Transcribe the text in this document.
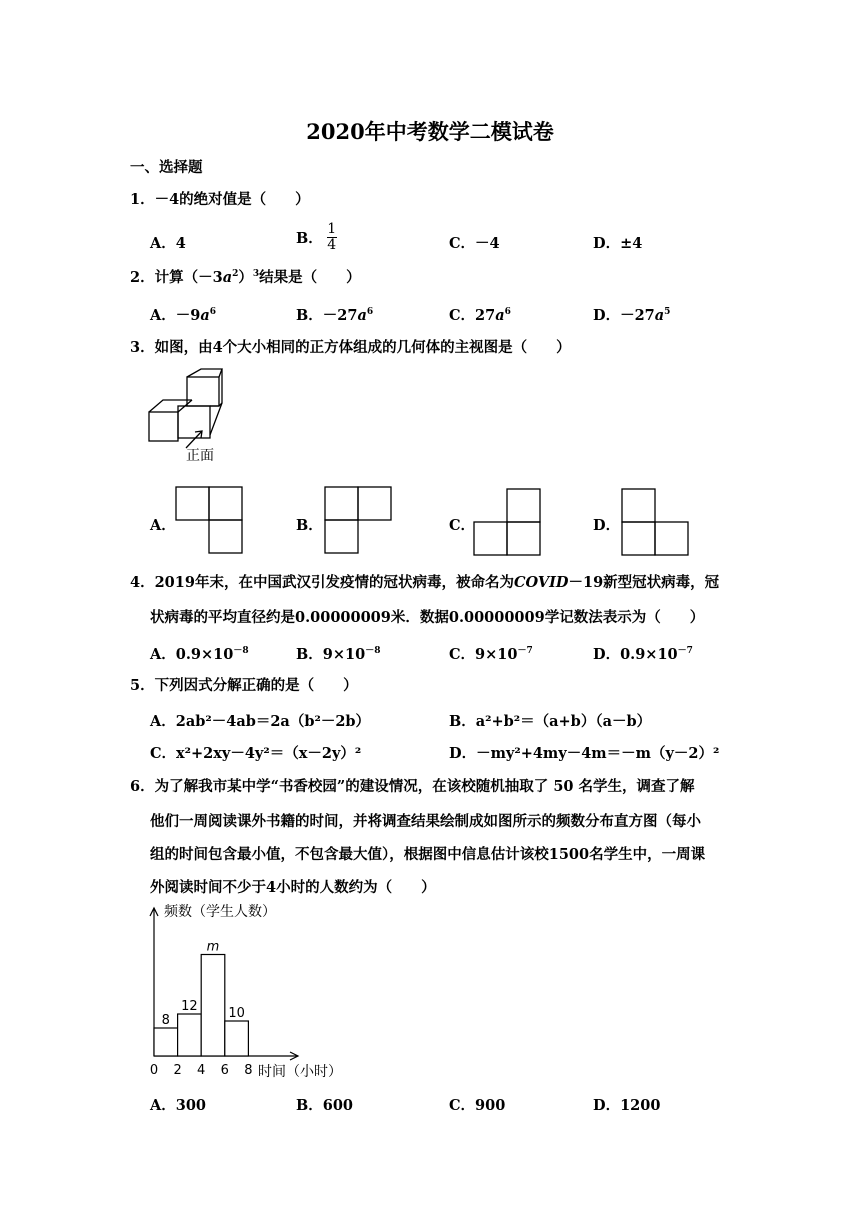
2020年中考数学二模试卷
一、选择题
1．－4的绝对值是（　　）
A．4	B． $\frac{1}{4}$	C．－4	D．±4
2．计算$(-3a^2)^3$结果是（　　）
A．$-9a^6$	B．$-27a^6$	C．$27a^6$	D．$-27a^5$
3．如图，由4个大小相同的正方体组成的几何体的主视图是（　　）
正面
A．	B．	C．	D．
4．2019年末，在中国武汉引发疫情的冠状病毒，被命名为COVID－19新型冠状病毒，冠
状病毒的平均直径约是0.00000009米．数据0.00000009学记数法表示为（　　）
A．$0.9\times 10^{-8}$	B．$9\times 10^{-8}$	C．$9\times 10^{-7}$	D．$0.9\times 10^{-7}$
5．下列因式分解正确的是（　　）
A．2ab²－4ab＝2a（b²－2b）	B．a²+b²＝（a+b）（a－b）
C．x²+2xy－4y²＝（x－2y）²	D．－my²+4my－4m＝－m（y－2）²
6．为了解我市某中学“书香校园”的建设情况，在该校随机抽取了 50 名学生，调查了解
他们一周阅读课外书籍的时间，并将调查结果绘制成如图所示的频数分布直方图（每小
组的时间包含最小值，不包含最大值），根据图中信息估计该校1500名学生中，一周课
外阅读时间不少于4小时的人数约为（　　）
频数（学生人数）
时间（小时）
0 2 4 6 8
8
12
m
10
A．300	B．600	C．900	D．1200
